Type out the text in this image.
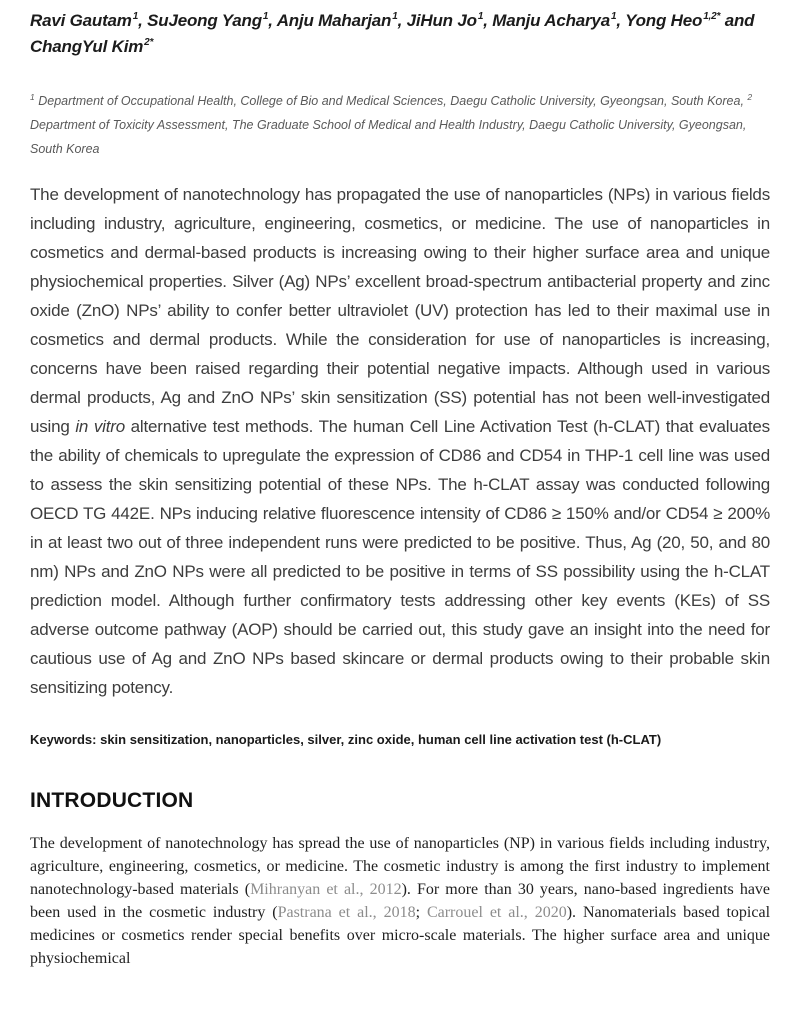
Ravi Gautam$^1$, SuJeong Yang$^1$, Anju Maharjan$^1$, JiHun Jo$^1$, Manju Acharya$^1$, Yong Heo$^{1,2*}$ and ChangYul Kim$^{2*}$

$^1$ Department of Occupational Health, College of Bio and Medical Sciences, Daegu Catholic University, Gyeongsan, South Korea, $^2$ Department of Toxicity Assessment, The Graduate School of Medical and Health Industry, Daegu Catholic University, Gyeongsan, South Korea

The development of nanotechnology has propagated the use of nanoparticles (NPs) in various fields including industry, agriculture, engineering, cosmetics, or medicine. The use of nanoparticles in cosmetics and dermal-based products is increasing owing to their higher surface area and unique physiochemical properties. Silver (Ag) NPs’ excellent broad-spectrum antibacterial property and zinc oxide (ZnO) NPs’ ability to confer better ultraviolet (UV) protection has led to their maximal use in cosmetics and dermal products. While the consideration for use of nanoparticles is increasing, concerns have been raised regarding their potential negative impacts. Although used in various dermal products, Ag and ZnO NPs’ skin sensitization (SS) potential has not been well-investigated using in vitro alternative test methods. The human Cell Line Activation Test (h-CLAT) that evaluates the ability of chemicals to upregulate the expression of CD86 and CD54 in THP-1 cell line was used to assess the skin sensitizing potential of these NPs. The h-CLAT assay was conducted following OECD TG 442E. NPs inducing relative fluorescence intensity of CD86 ≥ 150% and/or CD54 ≥ 200% in at least two out of three independent runs were predicted to be positive. Thus, Ag (20, 50, and 80 nm) NPs and ZnO NPs were all predicted to be positive in terms of SS possibility using the h-CLAT prediction model. Although further confirmatory tests addressing other key events (KEs) of SS adverse outcome pathway (AOP) should be carried out, this study gave an insight into the need for cautious use of Ag and ZnO NPs based skincare or dermal products owing to their probable skin sensitizing potency.

Keywords: skin sensitization, nanoparticles, silver, zinc oxide, human cell line activation test (h-CLAT)

INTRODUCTION

The development of nanotechnology has spread the use of nanoparticles (NP) in various fields including industry, agriculture, engineering, cosmetics, or medicine. The cosmetic industry is among the first industry to implement nanotechnology-based materials (Mihranyan et al., 2012). For more than 30 years, nano-based ingredients have been used in the cosmetic industry (Pastrana et al., 2018; Carrouel et al., 2020). Nanomaterials based topical medicines or cosmetics render special benefits over micro-scale materials. The higher surface area and unique physiochemical
